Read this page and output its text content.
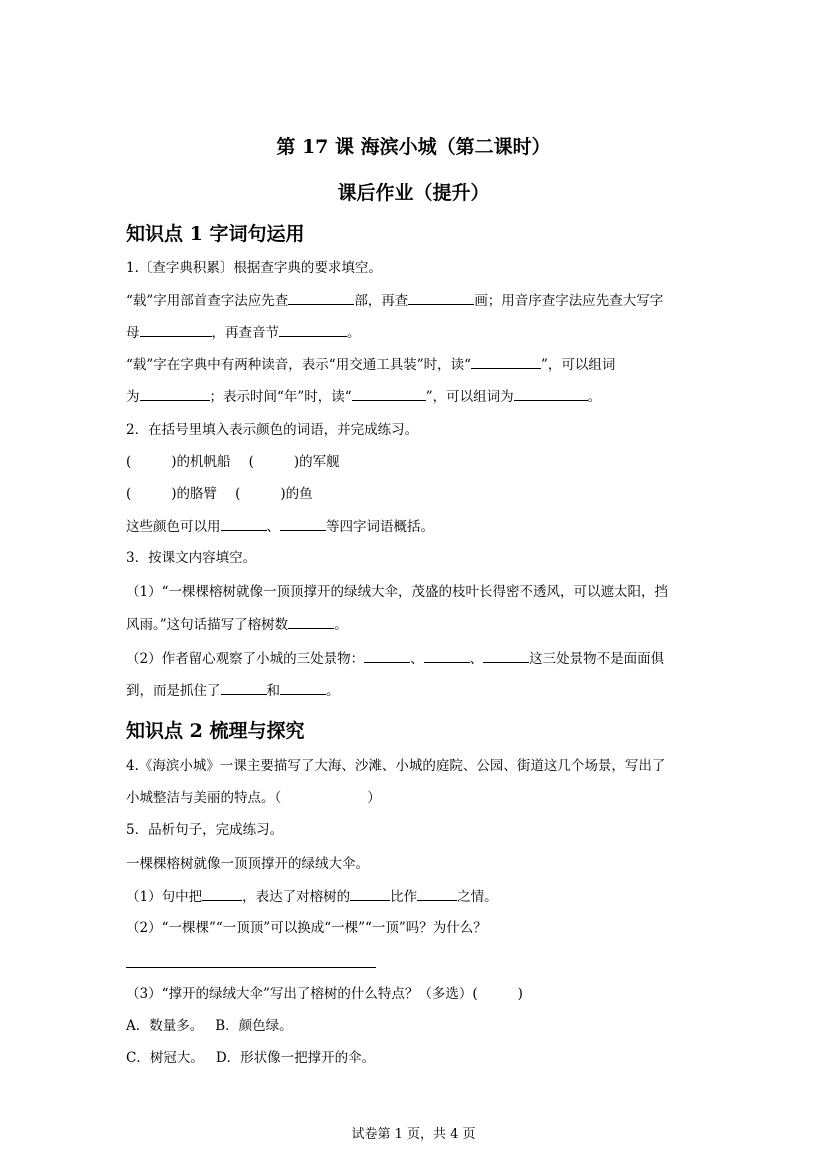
第 17 课 海滨小城（第二课时）
课后作业（提升）
知识点 1 字词句运用
1.〔查字典积累〕根据查字典的要求填空。
“载”字用部首查字法应先查	部，再查	画；用音序查字法应先查大写字
母	，再查音节	。
“载”字在字典中有两种读音，表示“用交通工具装”时，读“	”，可以组词
为	；表示时间“年”时，读“	”，可以组词为	。
2．在括号里填入表示颜色的词语，并完成练习。
(	)的机帆船 (	)的军舰
(	)的胳臂 (	)的鱼
这些颜色可以用	、	等四字词语概括。
3．按课文内容填空。
（1）“一棵棵榕树就像一顶顶撑开的绿绒大伞，茂盛的枝叶长得密不透风，可以遮太阳，挡
风雨。”这句话描写了榕树数	。
（2）作者留心观察了小城的三处景物：	、	、	这三处景物不是面面俱
到，而是抓住了	和	。
知识点 2 梳理与探究
4.《海滨小城》一课主要描写了大海、沙滩、小城的庭院、公园、街道这几个场景，写出了
小城整洁与美丽的特点。（	）
5．品析句子，完成练习。
一棵棵榕树就像一顶顶撑开的绿绒大伞。
（1）句中把	，表达了对榕树的	比作	之情。
（2）“一棵棵”“一顶顶”可以换成“一棵”“一顶”吗？为什么？
（3）“撑开的绿绒大伞”写出了榕树的什么特点？（多选）(	)
A．数量多。 B．颜色绿。
C．树冠大。 D．形状像一把撑开的伞。
试卷第 1 页，共 4 页
